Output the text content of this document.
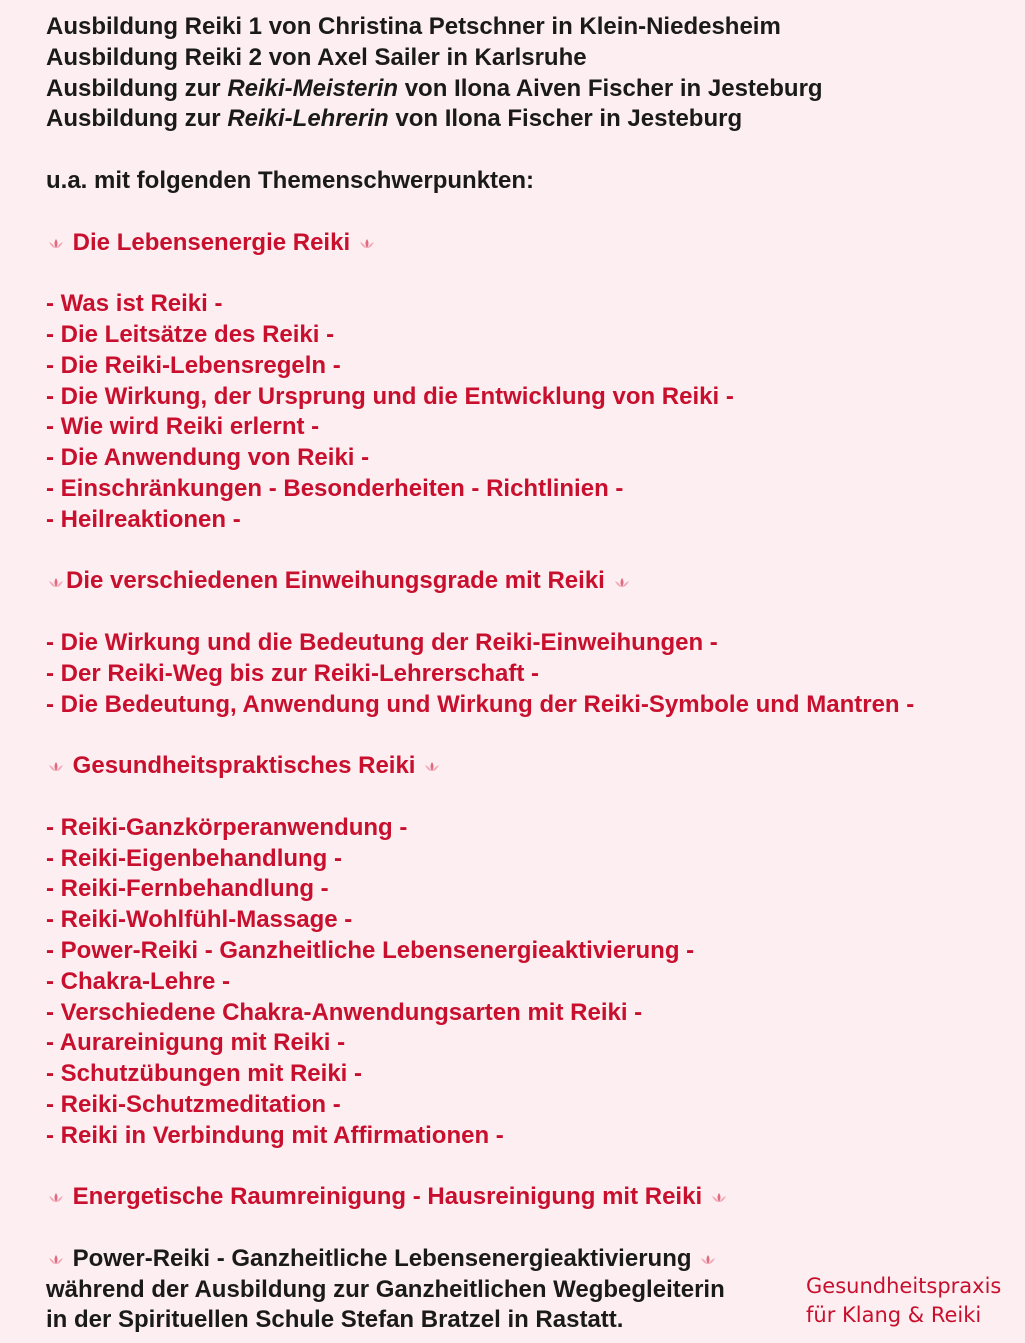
Ausbildung Reiki 1 von Christina Petschner in Klein-Niedesheim
Ausbildung Reiki 2 von Axel Sailer in Karlsruhe
Ausbildung zur Reiki-Meisterin von Ilona Aiven Fischer in Jesteburg
Ausbildung zur Reiki-Lehrerin von Ilona Fischer in Jesteburg
u.a. mit folgenden Themenschwerpunkten:
Die Lebensenergie Reiki
- Was ist Reiki -
- Die Leitsätze des Reiki -
- Die Reiki-Lebensregeln -
- Die Wirkung, der Ursprung und die Entwicklung von Reiki -
- Wie wird Reiki erlernt -
- Die Anwendung von Reiki -
- Einschränkungen - Besonderheiten - Richtlinien -
- Heilreaktionen -
Die verschiedenen Einweihungsgrade mit Reiki
- Die Wirkung und die Bedeutung der Reiki-Einweihungen -
- Der Reiki-Weg bis zur Reiki-Lehrerschaft -
- Die Bedeutung, Anwendung und Wirkung der Reiki-Symbole und Mantren -
Gesundheitspraktisches Reiki
- Reiki-Ganzkörperanwendung -
- Reiki-Eigenbehandlung -
- Reiki-Fernbehandlung -
- Reiki-Wohlfühl-Massage -
- Power-Reiki - Ganzheitliche Lebensenergieaktivierung -
- Chakra-Lehre -
- Verschiedene Chakra-Anwendungsarten mit Reiki -
- Aurareinigung mit Reiki -
- Schutzübungen mit Reiki -
- Reiki-Schutzmeditation -
- Reiki in Verbindung mit Affirmationen -
Energetische Raumreinigung - Hausreinigung mit Reiki
Power-Reiki - Ganzheitliche Lebensenergieaktivierung
während der Ausbildung zur Ganzheitlichen Wegbegleiterin
in der Spirituellen Schule Stefan Bratzel in Rastatt.
Gesundheitspraxis
für Klang & Reiki
